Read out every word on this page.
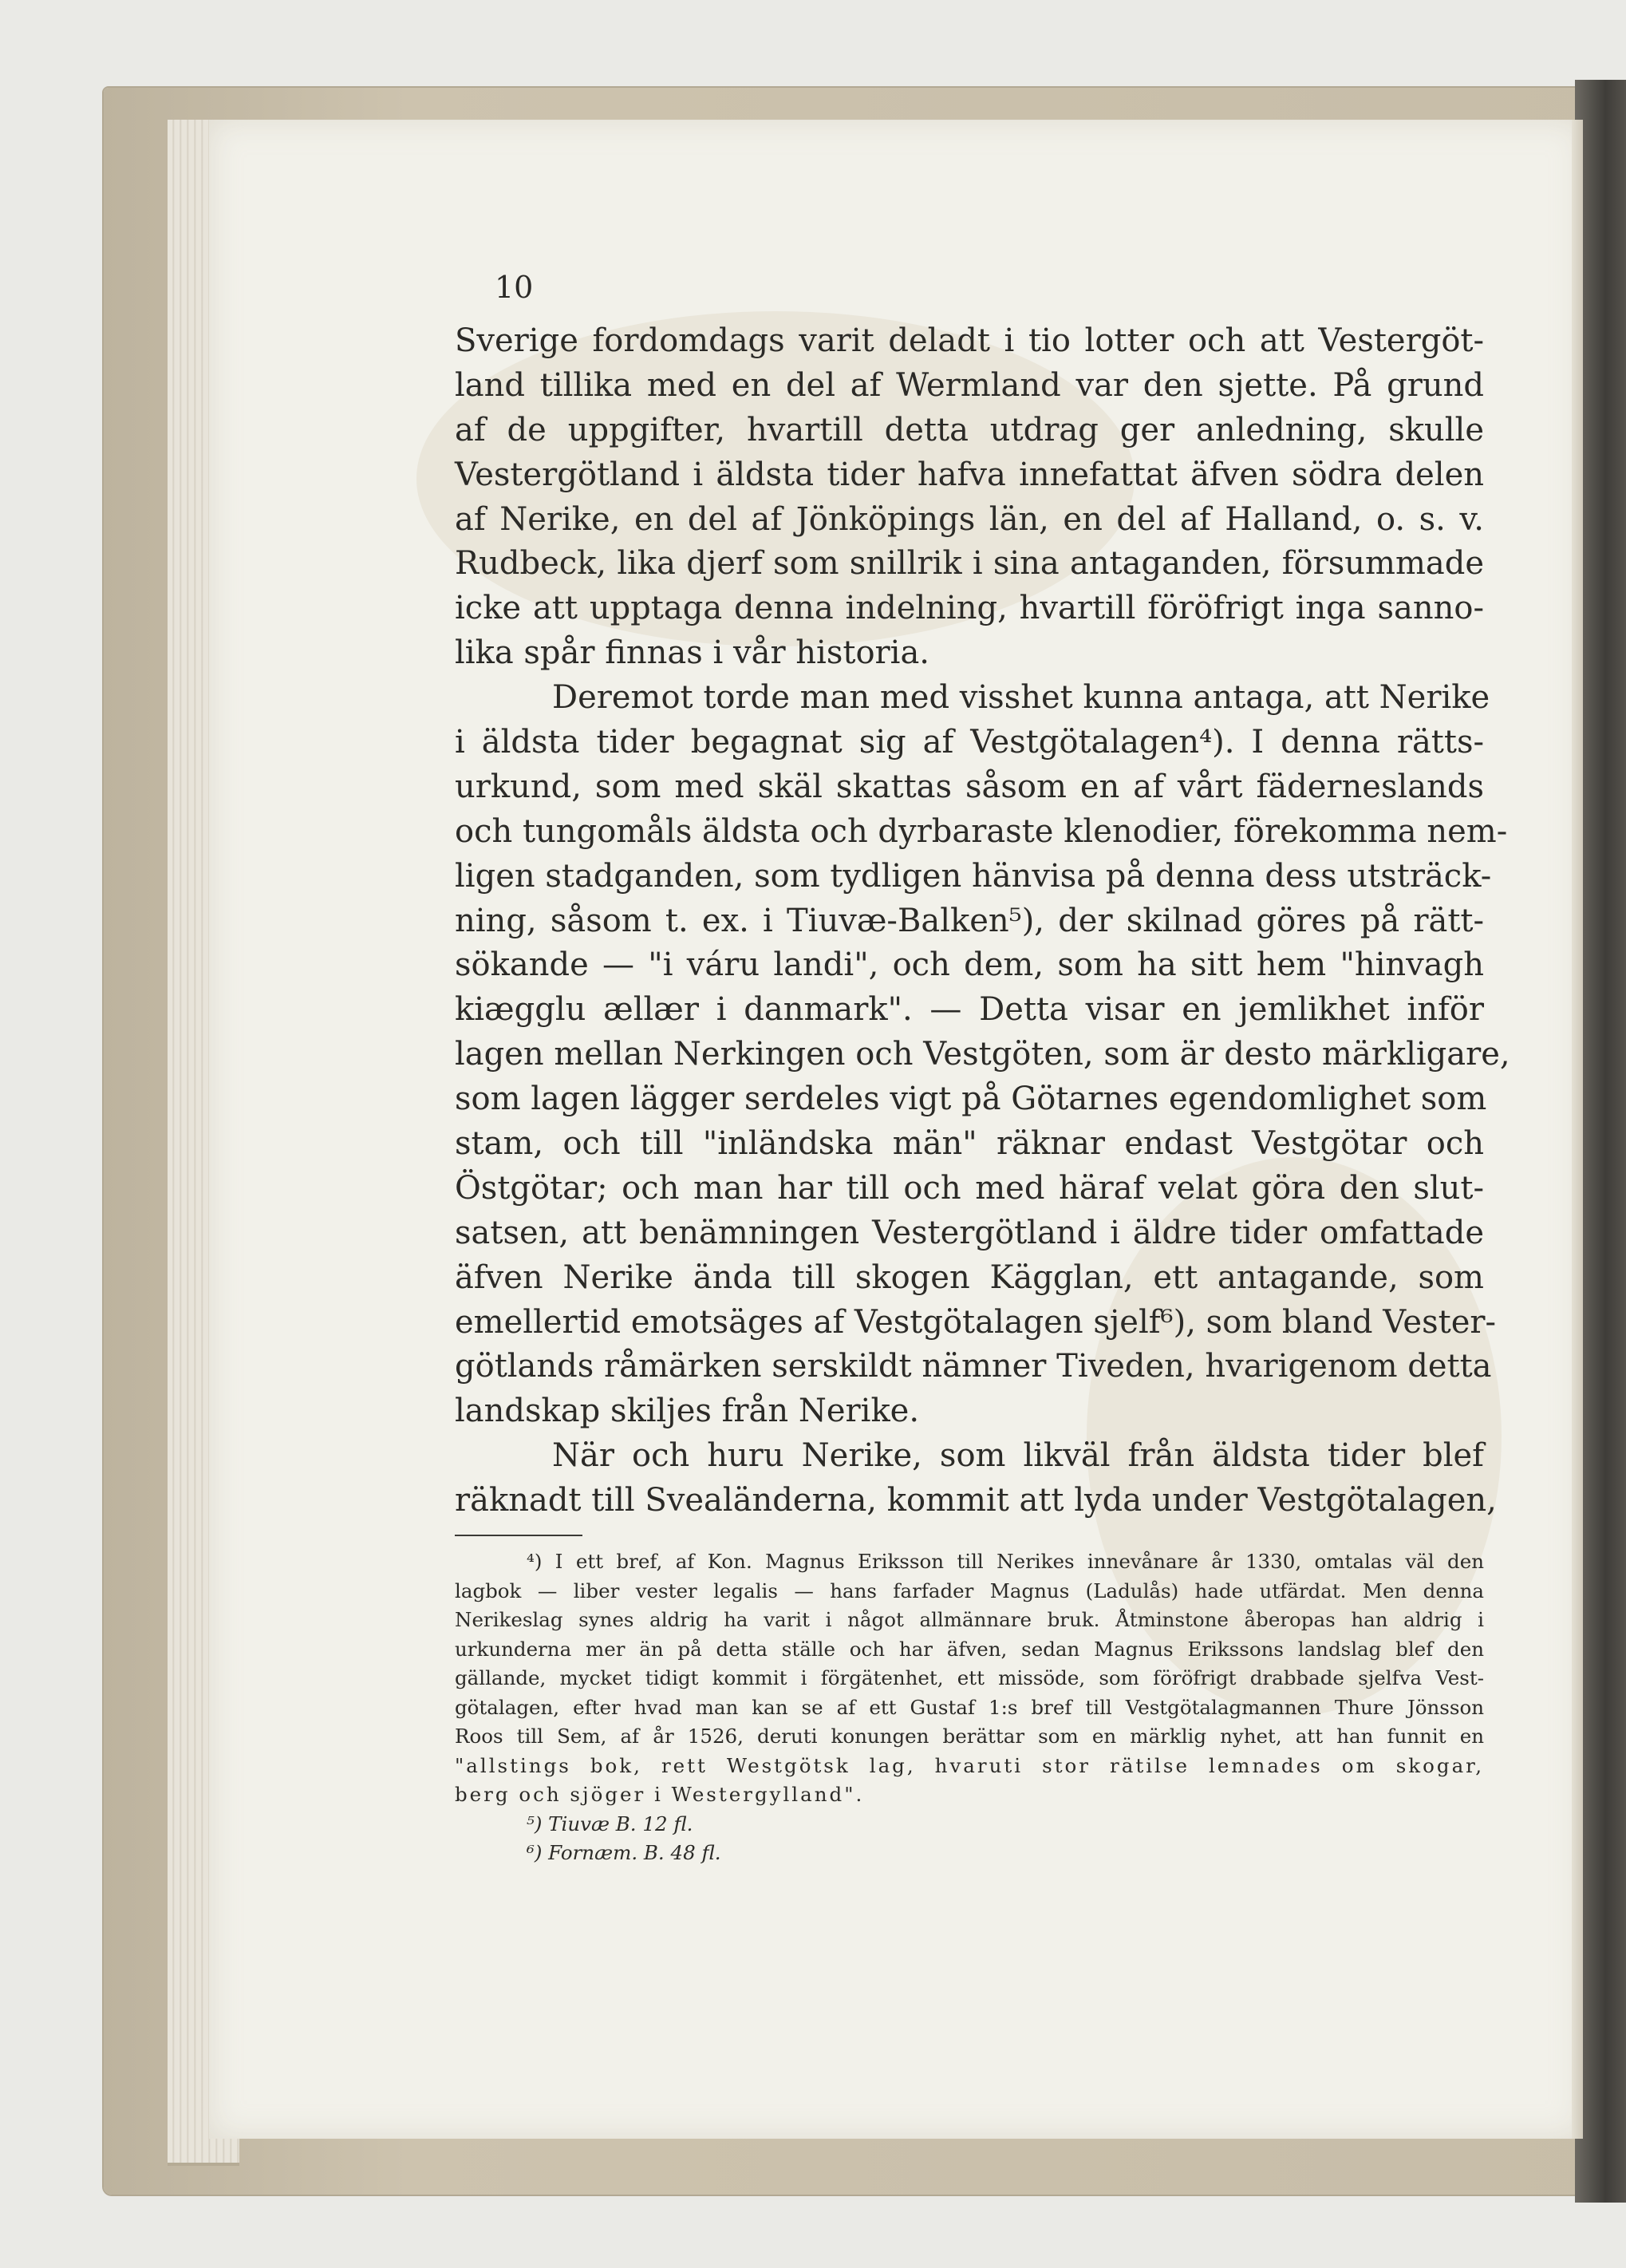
10
Sverige fordomdags varit deladt i tio lotter och att Vestergöt-
land tillika med en del af Wermland var den sjette. På grund
af de uppgifter, hvartill detta utdrag ger anledning, skulle
Vestergötland i äldsta tider hafva innefattat äfven södra delen
af Nerike, en del af Jönköpings län, en del af Halland, o. s. v.
Rudbeck, lika djerf som snillrik i sina antaganden, försummade
icke att upptaga denna indelning, hvartill föröfrigt inga sanno-
lika spår finnas i vår historia.
Deremot torde man med visshet kunna antaga, att Nerike
i äldsta tider begagnat sig af Vestgötalagen⁴). I denna rätts-
urkund, som med skäl skattas såsom en af vårt fäderneslands
och tungomåls äldsta och dyrbaraste klenodier, förekomma nem-
ligen stadganden, som tydligen hänvisa på denna dess utsträck-
ning, såsom t. ex. i Tiuvæ-Balken⁵), der skilnad göres på rätt-
sökande — "i váru landi", och dem, som ha sitt hem "hinvagh
kiægglu ællær i danmark". — Detta visar en jemlikhet inför
lagen mellan Nerkingen och Vestgöten, som är desto märkligare,
som lagen lägger serdeles vigt på Götarnes egendomlighet som
stam, och till "inländska män" räknar endast Vestgötar och
Östgötar; och man har till och med häraf velat göra den slut-
satsen, att benämningen Vestergötland i äldre tider omfattade
äfven Nerike ända till skogen Kägglan, ett antagande, som
emellertid emotsäges af Vestgötalagen sjelf⁶), som bland Vester-
götlands råmärken serskildt nämner Tiveden, hvarigenom detta
landskap skiljes från Nerike.
När och huru Nerike, som likväl från äldsta tider blef
räknadt till Svealänderna, kommit att lyda under Vestgötalagen,
⁴) I ett bref, af Kon. Magnus Eriksson till Nerikes innevånare år 1330, omtalas väl den
lagbok — liber vester legalis — hans farfader Magnus (Ladulås) hade utfärdat. Men denna
Nerikeslag synes aldrig ha varit i något allmännare bruk. Åtminstone åberopas han aldrig i
urkunderna mer än på detta ställe och har äfven, sedan Magnus Erikssons landslag blef den
gällande, mycket tidigt kommit i förgätenhet, ett missöde, som föröfrigt drabbade sjelfva Vest-
götalagen, efter hvad man kan se af ett Gustaf 1:s bref till Vestgötalagmannen Thure Jönsson
Roos till Sem, af år 1526, deruti konungen berättar som en märklig nyhet, att han funnit en
"allstings bok, rett Westgötsk lag, hvaruti stor rätilse lemnades om skogar,
berg och sjöger i Westergylland".
⁵) Tiuvæ B. 12 fl.
⁶) Fornæm. B. 48 fl.
